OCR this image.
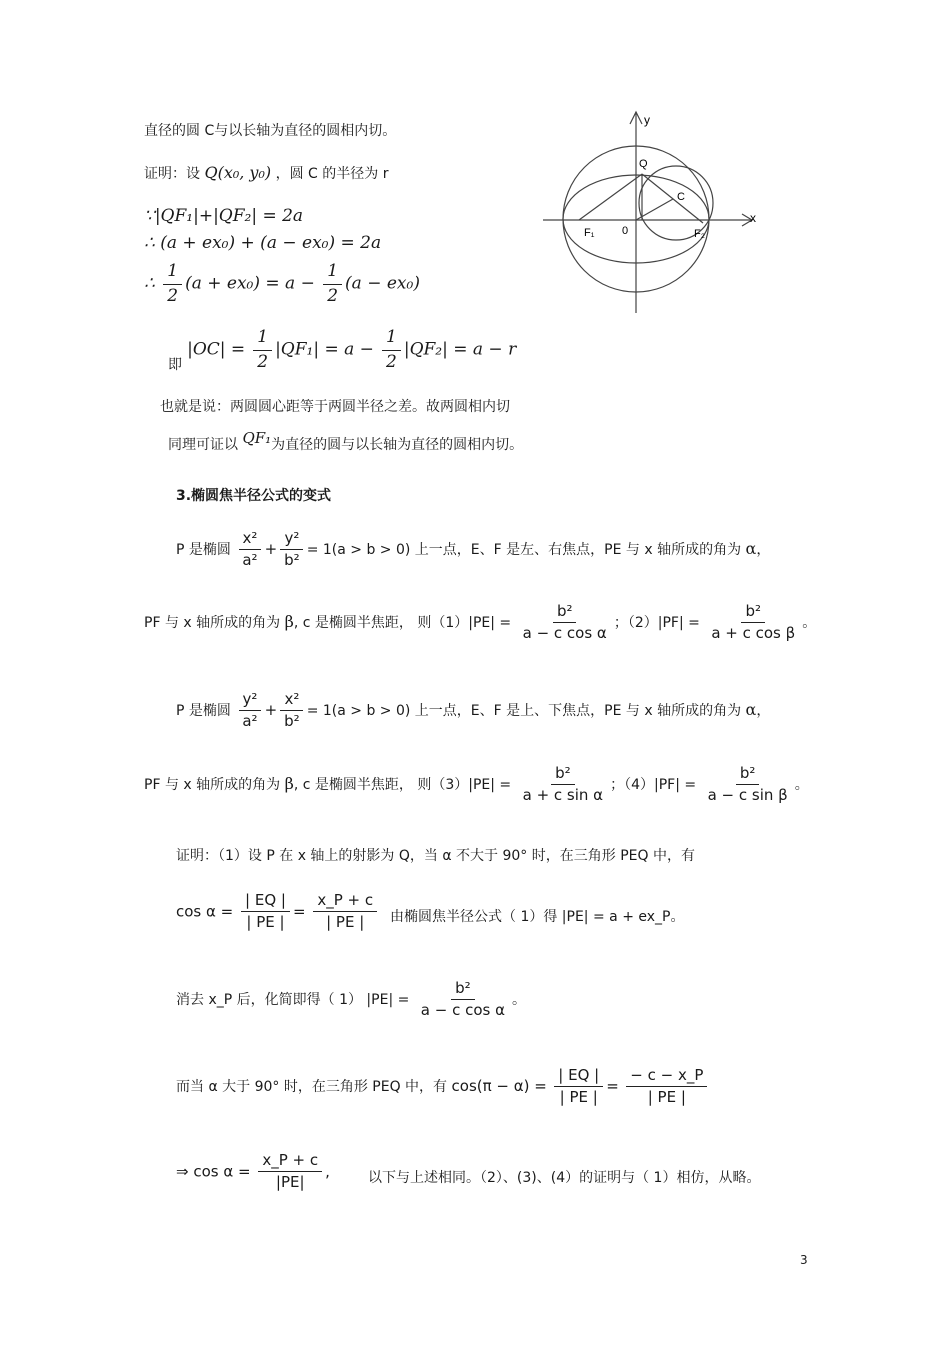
直径的圆 C与以长轴为直径的圆相内切。
证明：设 Q(x₀, y₀) ，圆 C 的半径为 r
∵|QF₁|+|QF₂| = 2a
∴ (a + ex₀) + (a − ex₀) = 2a
∴ $\frac{1}{2} (a + ex_0) = a - \frac{1}{2} (a - ex_0)$
即 $|OC| = \frac{1}{2} |QF_1| = a - \frac{1}{2} |QF_2| = a - r$
也就是说：两圆圆心距等于两圆半径之差。故两圆相内切
同理可证以 QF₁为直径的圆与以长轴为直径的圆相内切。
y
x
Q
C
F₁	0	F₂
3.椭圆焦半径公式的变式
P 是椭圆 $\frac{\text{x²}}{\text{a²}} + \frac{\text{y²}}{\text{b²}} = 1(a > b > 0)$ 上一点，E、F 是左、右焦点，PE 与 x 轴所成的角为 α，
PF 与 x 轴所成的角为 β, c 是椭圆半焦距， 则$(1)|PE| = \frac{\text{b²}}{\text{a − c cos α}}$ ；$(2)|PF| = \frac{\text{b²}}{\text{a + c cos β}}$ 。
P 是椭圆 $\frac{\text{y²}}{\text{a²}} + \frac{\text{x²}}{\text{b²}} = 1(a > b > 0)$ 上一点，E、F 是上、下焦点，PE 与 x 轴所成的角为 α，
PF 与 x 轴所成的角为 β, c 是椭圆半焦距， 则$(3)|PE| = \frac{\text{b²}}{\text{a + c sin α}}$ ；$(4)|PF| = \frac{\text{b²}}{\text{a − c sin β}}$ 。
证明：（1）设 P 在 x 轴上的射影为 Q，当 α 不大于 90° 时，在三角形 PEQ 中，有
$\cos \alpha = \frac{| EQ |}{| PE |} = \frac{x\_P + c}{| PE |}$ 由椭圆焦半径公式（ 1）得 |PE| = a + ex_P。
消去 x_P 后，化简即得（ 1） $|PE| = \frac{\text{b²}}{\text{a − c cos α}}$ 。
而当 α 大于 90° 时，在三角形 PEQ 中，有 $\cos(\pi - \alpha) = \frac{| EQ |}{| PE |} = \frac{- c - x\_P}{| PE |}$
⇒ $\cos \alpha = \frac{x\_P + c}{|PE|}$ ,	以下与上述相同。（2）、(3)、(4）的证明与（ 1）相仿，从略。
3
